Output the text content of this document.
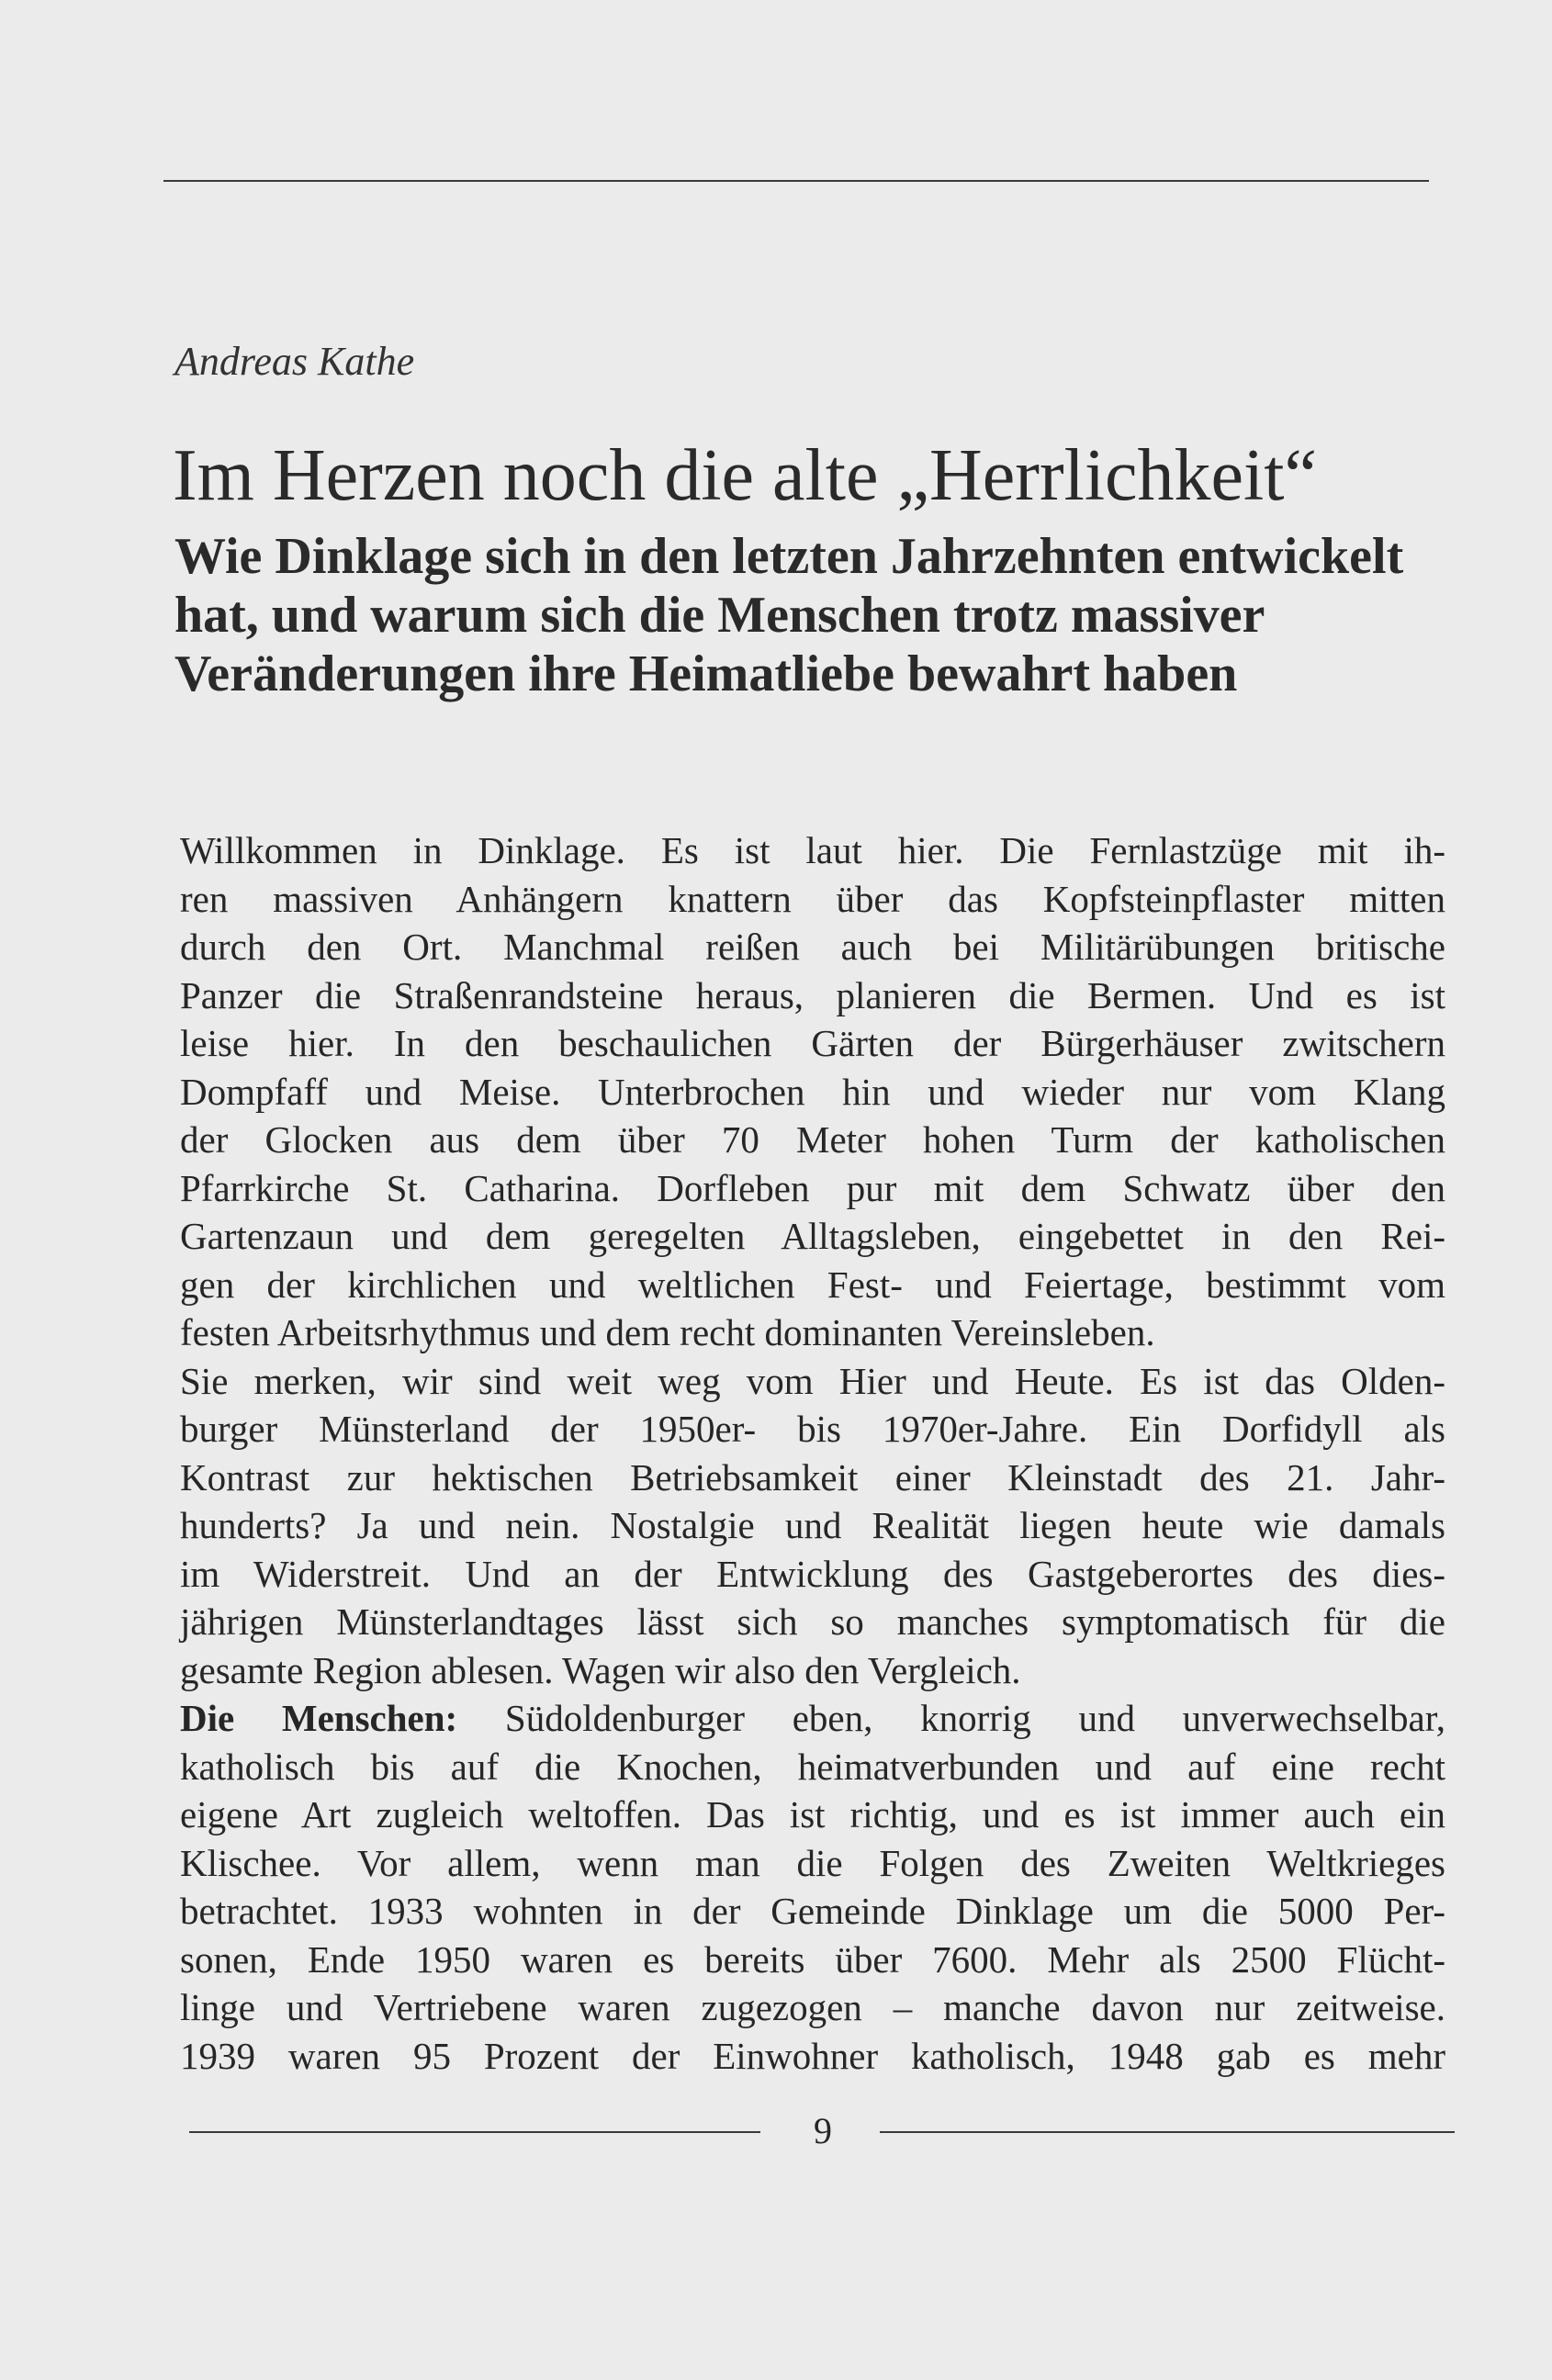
Andreas Kathe

Im Herzen noch die alte „Herrlichkeit“
Wie Dinklage sich in den letzten Jahrzehnten entwickelt hat, und warum sich die Menschen trotz massiver Veränderungen ihre Heimatliebe bewahrt haben
Willkommen in Dinklage. Es ist laut hier. Die Fernlastzüge mit ih-
ren massiven Anhängern knattern über das Kopfsteinpflaster mitten
durch den Ort. Manchmal reißen auch bei Militärübungen britische
Panzer die Straßenrandsteine heraus, planieren die Bermen. Und es ist
leise hier. In den beschaulichen Gärten der Bürgerhäuser zwitschern
Dompfaff und Meise. Unterbrochen hin und wieder nur vom Klang
der Glocken aus dem über 70 Meter hohen Turm der katholischen
Pfarrkirche St. Catharina. Dorfleben pur mit dem Schwatz über den
Gartenzaun und dem geregelten Alltagsleben, eingebettet in den Rei-
gen der kirchlichen und weltlichen Fest- und Feiertage, bestimmt vom
festen Arbeitsrhythmus und dem recht dominanten Vereinsleben.
Sie merken, wir sind weit weg vom Hier und Heute. Es ist das Olden-
burger Münsterland der 1950er- bis 1970er-Jahre. Ein Dorfidyll als
Kontrast zur hektischen Betriebsamkeit einer Kleinstadt des 21. Jahr-
hunderts? Ja und nein. Nostalgie und Realität liegen heute wie damals
im Widerstreit. Und an der Entwicklung des Gastgeberortes des dies-
jährigen Münsterlandtages lässt sich so manches symptomatisch für die
gesamte Region ablesen. Wagen wir also den Vergleich.
Die Menschen: Südoldenburger eben, knorrig und unverwechselbar,
katholisch bis auf die Knochen, heimatverbunden und auf eine recht
eigene Art zugleich weltoffen. Das ist richtig, und es ist immer auch ein
Klischee. Vor allem, wenn man die Folgen des Zweiten Weltkrieges
betrachtet. 1933 wohnten in der Gemeinde Dinklage um die 5000 Per-
sonen, Ende 1950 waren es bereits über 7600. Mehr als 2500 Flücht-
linge und Vertriebene waren zugezogen – manche davon nur zeitweise.
1939 waren 95 Prozent der Einwohner katholisch, 1948 gab es mehr
9
